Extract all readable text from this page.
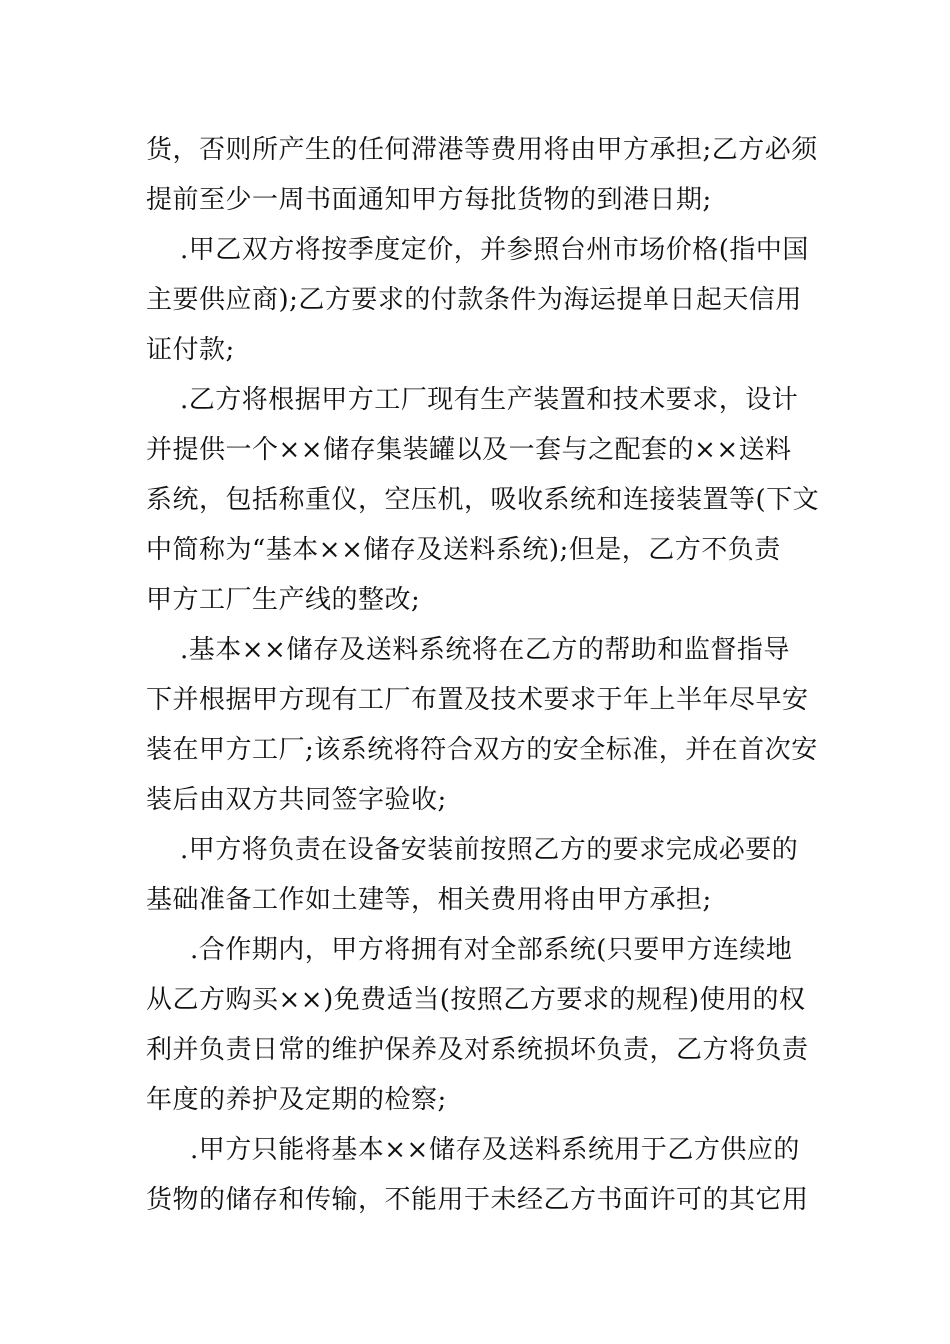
货，否则所产生的任何滞港等费用将由甲方承担;乙方必须
提前至少一周书面通知甲方每批货物的到港日期;
.甲乙双方将按季度定价，并参照台州市场价格(指中国
主要供应商);乙方要求的付款条件为海运提单日起天信用
证付款;
.乙方将根据甲方工厂现有生产装置和技术要求，设计
并提供一个××储存集装罐以及一套与之配套的××送料
系统，包括称重仪，空压机，吸收系统和连接装置等(下文
中简称为“基本××储存及送料系统);但是，乙方不负责
甲方工厂生产线的整改;
.基本××储存及送料系统将在乙方的帮助和监督指导
下并根据甲方现有工厂布置及技术要求于年上半年尽早安
装在甲方工厂;该系统将符合双方的安全标准，并在首次安
装后由双方共同签字验收;
.甲方将负责在设备安装前按照乙方的要求完成必要的
基础准备工作如土建等，相关费用将由甲方承担;
.合作期内，甲方将拥有对全部系统(只要甲方连续地
从乙方购买××)免费适当(按照乙方要求的规程)使用的权
利并负责日常的维护保养及对系统损坏负责，乙方将负责
年度的养护及定期的检察;
.甲方只能将基本××储存及送料系统用于乙方供应的
货物的储存和传输，不能用于未经乙方书面许可的其它用
